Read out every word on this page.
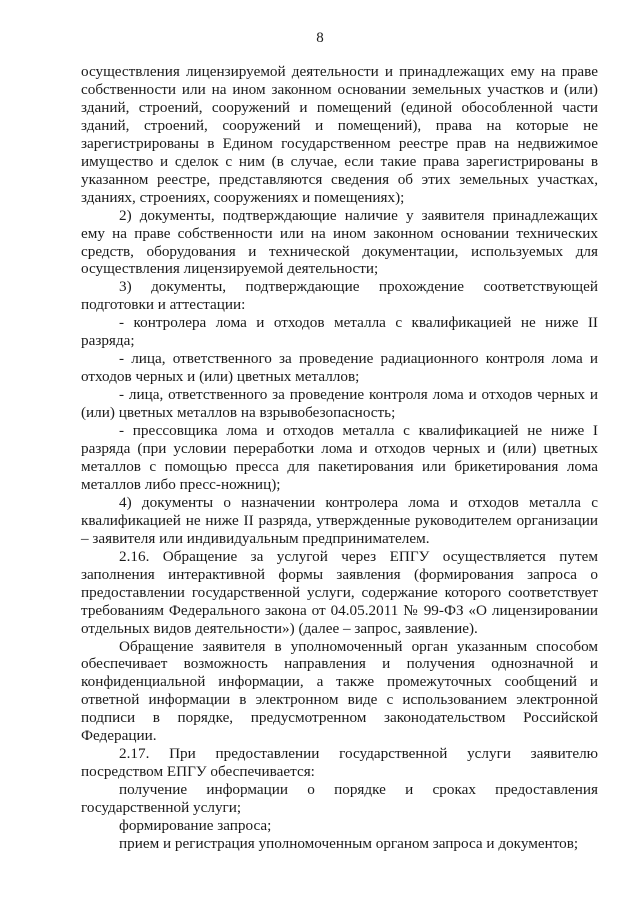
8

осуществления лицензируемой деятельности и принадлежащих ему на праве собственности или на ином законном основании земельных участков и (или) зданий, строений, сооружений и помещений (единой обособленной части зданий, строений, сооружений и помещений), права на которые не зарегистрированы в Едином государственном реестре прав на недвижимое имущество и сделок с ним (в случае, если такие права зарегистрированы в указанном реестре, представляются сведения об этих земельных участках, зданиях, строениях, сооружениях и помещениях);

2) документы, подтверждающие наличие у заявителя принадлежащих ему на праве собственности или на ином законном основании технических средств, оборудования и технической документации, используемых для осуществления лицензируемой деятельности;

3) документы, подтверждающие прохождение соответствующей подготовки и аттестации:

- контролера лома и отходов металла с квалификацией не ниже II разряда;

- лица, ответственного за проведение радиационного контроля лома и отходов черных и (или) цветных металлов;

- лица, ответственного за проведение контроля лома и отходов черных и (или) цветных металлов на взрывобезопасность;

- прессовщика лома и отходов металла с квалификацией не ниже I разряда (при условии переработки лома и отходов черных и (или) цветных металлов с помощью пресса для пакетирования или брикетирования лома металлов либо пресс-ножниц);

4) документы о назначении контролера лома и отходов металла с квалификацией не ниже II разряда, утвержденные руководителем организации – заявителя или индивидуальным предпринимателем.

2.16. Обращение за услугой через ЕПГУ осуществляется путем заполнения интерактивной формы заявления (формирования запроса о предоставлении государственной услуги, содержание которого соответствует требованиям Федерального закона от 04.05.2011 № 99-ФЗ «О лицензировании отдельных видов деятельности») (далее – запрос, заявление).

Обращение заявителя в уполномоченный орган указанным способом обеспечивает возможность направления и получения однозначной и конфиденциальной информации, а также промежуточных сообщений и ответной информации в электронном виде с использованием электронной подписи в порядке, предусмотренном законодательством Российской Федерации.

2.17. При предоставлении государственной услуги заявителю посредством ЕПГУ обеспечивается:

получение информации о порядке и сроках предоставления государственной услуги;

формирование запроса;

прием и регистрация уполномоченным органом запроса и документов;
